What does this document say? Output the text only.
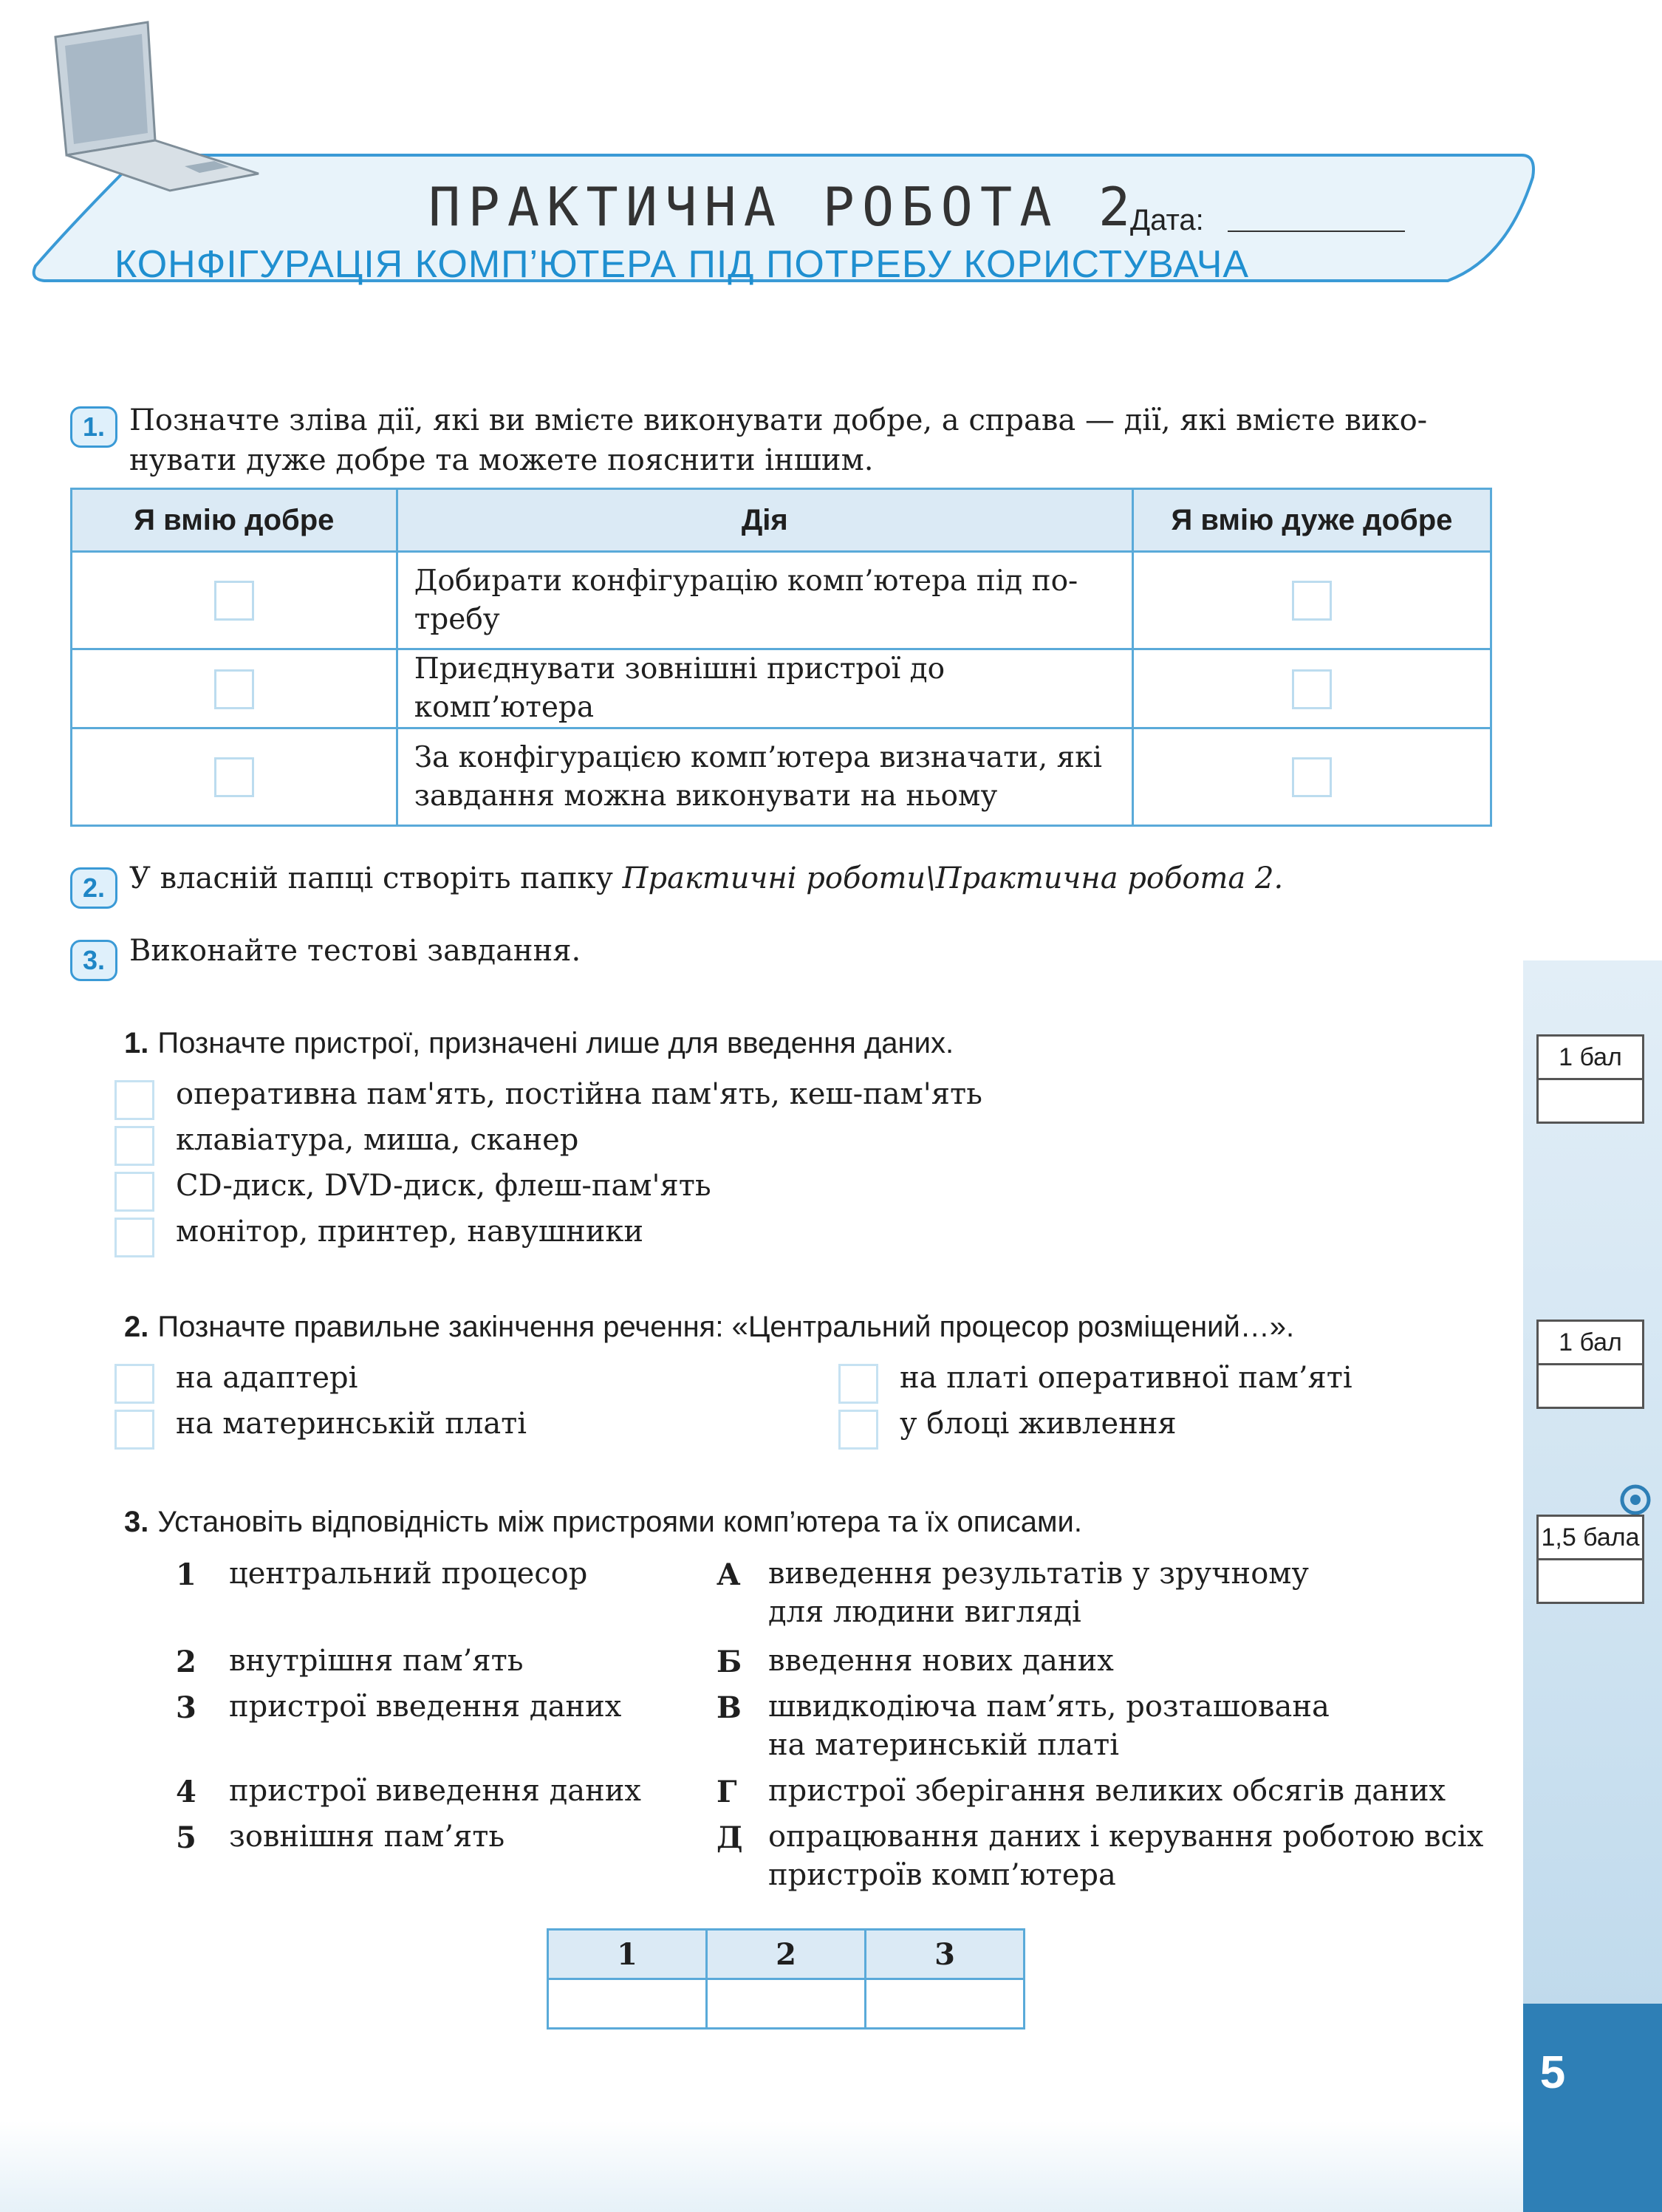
5
ПРАКТИЧНА РОБОТА 2
Дата:
КОНФІГУРАЦІЯ КОМП’ЮТЕРА ПІД ПОТРЕБУ КОРИСТУВАЧА
1. Позначте зліва дії, які ви вмієте виконувати добре, а справа — дії, які вмієте вико-
нувати дуже добре та можете пояснити іншим.
Я вмію добре	Дія	Я вмію дуже добре

	Добирати конфігурацію комп’ютера під по-
требу	

	Приєднувати зовнішні пристрої до комп’ютера	

	За конфігурацією комп’ютера визначати, які
завдання можна виконувати на ньому	

2. У власній папці створіть папку Практичні роботи\Практична робота 2.
3. Виконайте тестові завдання.
1. Позначте пристрої, призначені лише для введення даних.	1 бал
оперативна пам'ять, постійна пам'ять, кеш-пам'ять
клавіатура, миша, сканер
CD-диск, DVD-диск, флеш-пам'ять
монітор, принтер, навушники
2. Позначте правильне закінчення речення: «Центральний процесор розміщений…».	1 бал
на адаптері	на платі оперативної пам’яті
на материнській платі	у блоці живлення
3. Установіть відповідність між пристроями комп’ютера та їх описами.	1,5 бала
1 центральний процесор
2 внутрішня пам’ять
3 пристрої введення даних
4 пристрої виведення даних
5 зовнішня пам’ять
А виведення результатів у зручному
для людини вигляді
Б введення нових даних
В швидкодіюча пам’ять, розташована
на материнській платі
Г пристрої зберігання великих обсягів даних
Д опрацювання даних і керування роботою всіх
пристроїв комп’ютера
1	2	3
